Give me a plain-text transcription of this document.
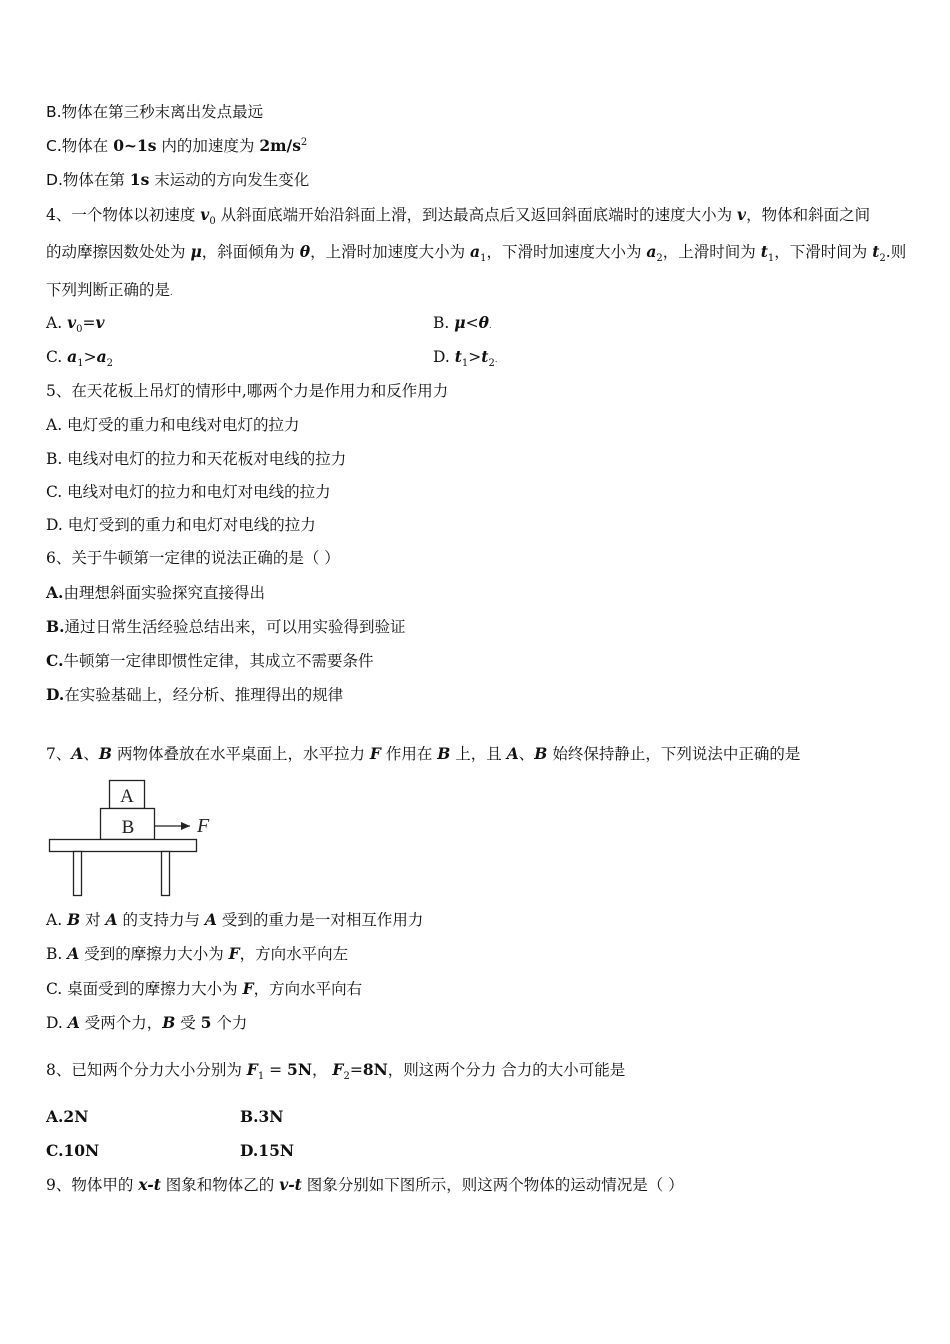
B.物体在第三秒末离出发点最远
C.物体在 0~1s 内的加速度为 $2m/s^2$
D.物体在第 1s 末运动的方向发生变化
4、一个物体以初速度 $v_0$ 从斜面底端开始沿斜面上滑，到达最高点后又返回斜面底端时的速度大小为 v，物体和斜面之间
的动摩擦因数处处为 μ，斜面倾角为 θ，上滑时加速度大小为 $a_1$，下滑时加速度大小为 $a_2$，上滑时间为 $t_1$，下滑时间为 $t_2$.则
下列判断正确的是.
A. $v_0=v$	B. μ<θ.
C. $a_1>a_2$	D. $t_1>t_2$.
5、在天花板上吊灯的情形中,哪两个力是作用力和反作用力
A. 电灯受的重力和电线对电灯的拉力
B. 电线对电灯的拉力和天花板对电线的拉力
C. 电线对电灯的拉力和电灯对电线的拉力
D. 电灯受到的重力和电灯对电线的拉力
6、关于牛顿第一定律的说法正确的是（ ）
A.由理想斜面实验探究直接得出
B.通过日常生活经验总结出来，可以用实验得到验证
C.牛顿第一定律即惯性定律，其成立不需要条件
D.在实验基础上，经分析、推理得出的规律
7、A、B 两物体叠放在水平桌面上，水平拉力 F 作用在 B 上，且 A、B 始终保持静止，下列说法中正确的是
A
B	F
A. B 对 A 的支持力与 A 受到的重力是一对相互作用力
B. A 受到的摩擦力大小为 F，方向水平向左
C. 桌面受到的摩擦力大小为 F，方向水平向右
D. A 受两个力，B 受 5 个力
8、已知两个分力大小分别为 $F_1 = 5N$， $F_2=8N$，则这两个分力 合力的大小可能是
A.2N	B.3N
C.10N	D.15N
9、物体甲的 x-t 图象和物体乙的 v-t 图象分别如下图所示，则这两个物体的运动情况是（ ）
